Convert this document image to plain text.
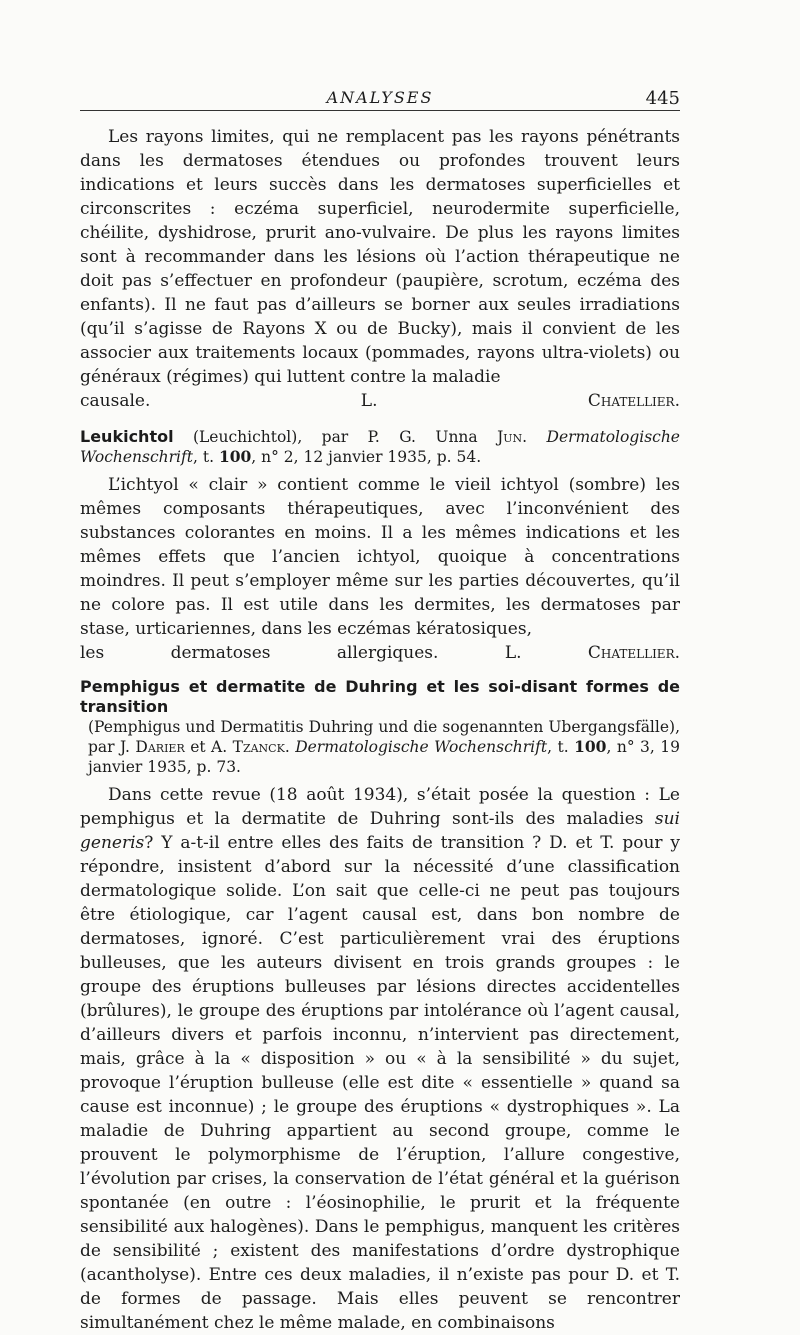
ANALYSES	445

Les rayons limites, qui ne remplacent pas les rayons pénétrants dans les dermatoses étendues ou profondes trouvent leurs indications et leurs succès dans les dermatoses superficielles et circonscrites : eczéma superficiel, neurodermite superficielle, chéilite, dyshidrose, prurit ano-vulvaire. De plus les rayons limites sont à recommander dans les lésions où l’action thérapeutique ne doit pas s’effectuer en profondeur (paupière, scrotum, eczéma des enfants). Il ne faut pas d’ailleurs se borner aux seules irradiations (qu’il s’agisse de Rayons X ou de Bucky), mais il convient de les associer aux traitements locaux (pommades, rayons ultra-violets) ou généraux (régimes) qui luttent contre la maladie

causale.	L. Chatellier.

Leukichtol (Leuchichtol), par P. G. Unna Jun. Dermatologische Wochenschrift, t. 100, n° 2, 12 janvier 1935, p. 54.

L’ichtyol « clair » contient comme le vieil ichtyol (sombre) les mêmes composants thérapeutiques, avec l’inconvénient des substances colorantes en moins. Il a les mêmes indications et les mêmes effets que l’ancien ichtyol, quoique à concentrations moindres. Il peut s’employer même sur les parties découvertes, qu’il ne colore pas. Il est utile dans les dermites, les dermatoses par stase, urticariennes, dans les eczémas kératosiques,

les dermatoses allergiques.	L. Chatellier.

Pemphigus et dermatite de Duhring et les soi-disant formes de transition
(Pemphigus und Dermatitis Duhring und die sogenannten Ubergangsfälle), par J. Darier et A. Tzanck. Dermatologische Wochenschrift, t. 100, n° 3, 19 janvier 1935, p. 73.

Dans cette revue (18 août 1934), s’était posée la question : Le pemphigus et la dermatite de Duhring sont-ils des maladies sui generis? Y a-t-il entre elles des faits de transition ? D. et T. pour y répondre, insistent d’abord sur la nécessité d’une classification dermatologique solide. L’on sait que celle-ci ne peut pas toujours être étiologique, car l’agent causal est, dans bon nombre de dermatoses, ignoré. C’est particulièrement vrai des éruptions bulleuses, que les auteurs divisent en trois grands groupes : le groupe des éruptions bulleuses par lésions directes accidentelles (brûlures), le groupe des éruptions par intolérance où l’agent causal, d’ailleurs divers et parfois inconnu, n’intervient pas directement, mais, grâce à la « disposition » ou « à la sensibilité » du sujet, provoque l’éruption bulleuse (elle est dite « essentielle » quand sa cause est inconnue) ; le groupe des éruptions « dystrophiques ». La maladie de Duhring appartient au second groupe, comme le prouvent le polymorphisme de l’éruption, l’allure congestive, l’évolution par crises, la conservation de l’état général et la guérison spontanée (en outre : l’éosinophilie, le prurit et la fréquente sensibilité aux halogènes). Dans le pemphigus, manquent les critères de sensibilité ; existent des manifestations d’ordre dystrophique (acantholyse). Entre ces deux maladies, il n’existe pas pour D. et T. de formes de passage. Mais elles peuvent se rencontrer simultanément chez le même malade, en combinaisons
